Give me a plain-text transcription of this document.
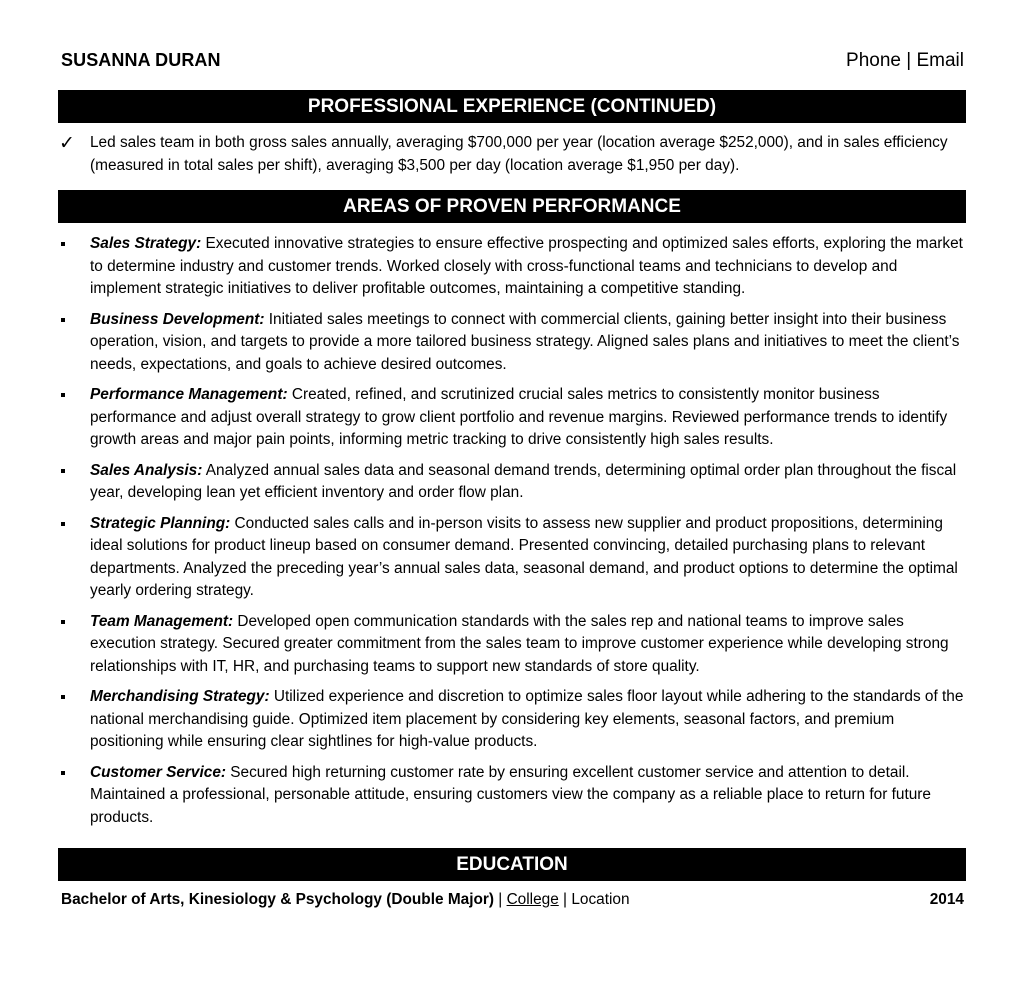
SUSANNA DURAN	Phone | Email
PROFESSIONAL EXPERIENCE (CONTINUED)
✓ Led sales team in both gross sales annually, averaging $700,000 per year (location average $252,000), and in sales efficiency (measured in total sales per shift), averaging $3,500 per day (location average $1,950 per day).
AREAS OF PROVEN PERFORMANCE
Sales Strategy: Executed innovative strategies to ensure effective prospecting and optimized sales efforts, exploring the market to determine industry and customer trends. Worked closely with cross-functional teams and technicians to develop and implement strategic initiatives to deliver profitable outcomes, maintaining a competitive standing.
Business Development: Initiated sales meetings to connect with commercial clients, gaining better insight into their business operation, vision, and targets to provide a more tailored business strategy. Aligned sales plans and initiatives to meet the client’s needs, expectations, and goals to achieve desired outcomes.
Performance Management: Created, refined, and scrutinized crucial sales metrics to consistently monitor business performance and adjust overall strategy to grow client portfolio and revenue margins. Reviewed performance trends to identify growth areas and major pain points, informing metric tracking to drive consistently high sales results.
Sales Analysis: Analyzed annual sales data and seasonal demand trends, determining optimal order plan throughout the fiscal year, developing lean yet efficient inventory and order flow plan.
Strategic Planning: Conducted sales calls and in-person visits to assess new supplier and product propositions, determining ideal solutions for product lineup based on consumer demand. Presented convincing, detailed purchasing plans to relevant departments. Analyzed the preceding year’s annual sales data, seasonal demand, and product options to determine the optimal yearly ordering strategy.
Team Management: Developed open communication standards with the sales rep and national teams to improve sales execution strategy. Secured greater commitment from the sales team to improve customer experience while developing strong relationships with IT, HR, and purchasing teams to support new standards of store quality.
Merchandising Strategy: Utilized experience and discretion to optimize sales floor layout while adhering to the standards of the national merchandising guide. Optimized item placement by considering key elements, seasonal factors, and premium positioning while ensuring clear sightlines for high-value products.
Customer Service: Secured high returning customer rate by ensuring excellent customer service and attention to detail. Maintained a professional, personable attitude, ensuring customers view the company as a reliable place to return for future products.
EDUCATION
Bachelor of Arts, Kinesiology & Psychology (Double Major) | College | Location	2014
